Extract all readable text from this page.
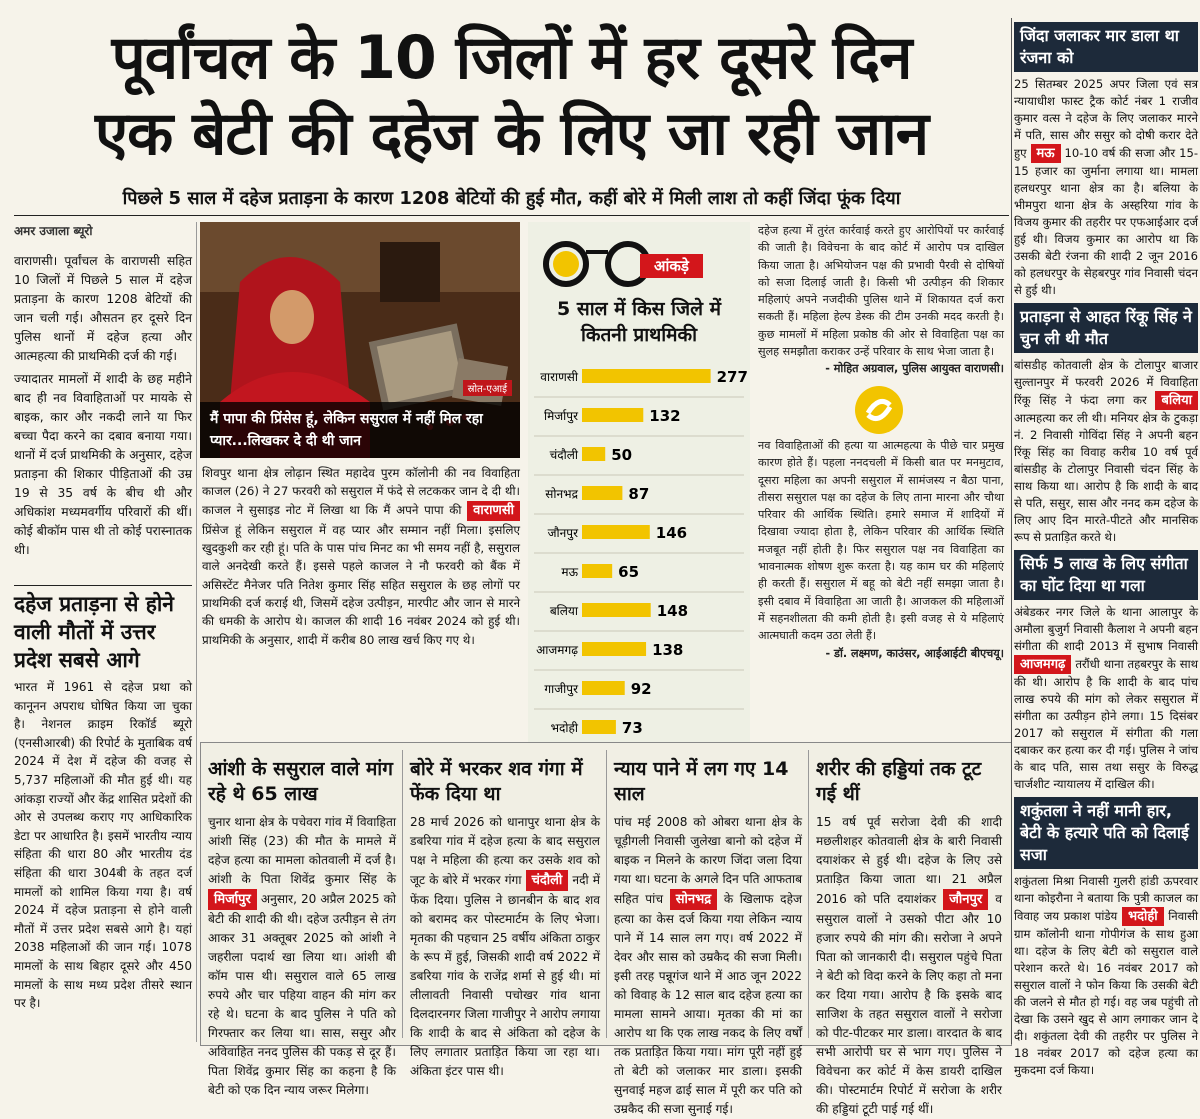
पूर्वांचल के 10 जिलों में हर दूसरे दिन
एक बेटी की दहेज के लिए जा रही जान
पिछले 5 साल में दहेज प्रताड़ना के कारण 1208 बेटियों की हुई मौत, कहीं बोरे में मिली लाश तो कहीं जिंदा फूंक दिया
अमर उजाला ब्यूरो

वाराणसी। पूर्वांचल के वाराणसी सहित 10 जिलों में पिछले 5 साल में दहेज प्रताड़ना के कारण 1208 बेटियों की जान चली गई। औसतन हर दूसरे दिन पुलिस थानों में दहेज हत्या और आत्महत्या की प्राथमिकी दर्ज की गई।

ज्यादातर मामलों में शादी के छह महीने बाद ही नव विवाहिताओं पर मायके से बाइक, कार और नकदी लाने या फिर बच्चा पैदा करने का दबाव बनाया गया। थानों में दर्ज प्राथमिकी के अनुसार, दहेज प्रताड़ना की शिकार पीड़िताओं की उम्र 19 से 35 वर्ष के बीच थी और अधिकांश मध्यमवर्गीय परिवारों की थीं। कोई बीकॉम पास थी तो कोई परास्नातक थी।

दहेज प्रताड़ना से होने वाली मौतों में उत्तर प्रदेश सबसे आगे
भारत में 1961 से दहेज प्रथा को कानूनन अपराध घोषित किया जा चुका है। नेशनल क्राइम रिकॉर्ड ब्यूरो (एनसीआरबी) की रिपोर्ट के मुताबिक वर्ष 2024 में देश में दहेज की वजह से 5,737 महिलाओं की मौत हुई थी। यह आंकड़ा राज्यों और केंद्र शासित प्रदेशों की ओर से उपलब्ध कराए गए आधिकारिक डेटा पर आधारित है। इसमें भारतीय न्याय संहिता की धारा 80 और भारतीय दंड संहिता की धारा 304बी के तहत दर्ज मामलों को शामिल किया गया है। वर्ष 2024 में दहेज प्रताड़ना से होने वाली मौतों में उत्तर प्रदेश सबसे आगे है। यहां 2038 महिलाओं की जान गई। 1078 मामलों के साथ बिहार दूसरे और 450 मामलों के साथ मध्य प्रदेश तीसरे स्थान पर है।
स्रोत-एआई
मैं पापा की प्रिंसेस हूं, लेकिन ससुराल में नहीं मिल रहा प्यार...लिखकर दे दी थी जान
शिवपुर थाना क्षेत्र लोढ़ान स्थित महादेव पुरम कॉलोनी की नव विवाहिता काजल (26) ने 27 फरवरी को ससुराल में फंदे से लटककर जान दे दी थी। काजल ने सुसाइड नोट में लिखा था कि मैं अपने पापा की वाराणसी प्रिंसेज हूं लेकिन ससुराल में वह प्यार और सम्मान नहीं मिला। इसलिए खुदकुशी कर रही हूं। पति के पास पांच मिनट का भी समय नहीं है, ससुराल वाले अनदेखी करते हैं। इससे पहले काजल ने नौ फरवरी को बैंक में असिस्टेंट मैनेजर पति नितेश कुमार सिंह सहित ससुराल के छह लोगों पर प्राथमिकी दर्ज कराई थी, जिसमें दहेज उत्पीड़न, मारपीट और जान से मारने की धमकी के आरोप थे। काजल की शादी 16 नवंबर 2024 को हुई थी। प्राथमिकी के अनुसार, शादी में करीब 80 लाख खर्च किए गए थे।
आंकड़े
5 साल में किस जिले में कितनी प्राथमिकी
वाराणसी	277
मिर्जापुर	132
चंदौली 50
सोनभद्र	87
जौनपुर	146
मऊ	65
बलिया	148
आजमगढ़	138
गाजीपुर	92
भदोही	73
दहेज हत्या में तुरंत कार्रवाई करते हुए आरोपियों पर कार्रवाई की जाती है। विवेचना के बाद कोर्ट में आरोप पत्र दाखिल किया जाता है। अभियोजन पक्ष की प्रभावी पैरवी से दोषियों को सजा दिलाई जाती है। किसी भी उत्पीड़न की शिकार महिलाएं अपने नजदीकी पुलिस थाने में शिकायत दर्ज करा सकती हैं। महिला हेल्प डेस्क की टीम उनकी मदद करती है। कुछ मामलों में महिला प्रकोष्ठ की ओर से विवाहिता पक्ष का सुलह समझौता कराकर उन्हें परिवार के साथ भेजा जाता है।
- मोहित अग्रवाल, पुलिस आयुक्त वाराणसी।
नव विवाहिताओं की हत्या या आत्महत्या के पीछे चार प्रमुख कारण होते हैं। पहला ननदचली में किसी बात पर मनमुटाव, दूसरा महिला का अपनी ससुराल में सामंजस्य न बैठा पाना, तीसरा ससुराल पक्ष का दहेज के लिए ताना मारना और चौथा परिवार की आर्थिक स्थिति। हमारे समाज में शादियों में दिखावा ज्यादा होता है, लेकिन परिवार की आर्थिक स्थिति मजबूत नहीं होती है। फिर ससुराल पक्ष नव विवाहिता का भावनात्मक शोषण शुरू करता है। यह काम घर की महिलाएं ही करती हैं। ससुराल में बहू को बेटी नहीं समझा जाता है। इसी दबाव में विवाहिता आ जाती है। आजकल की महिलाओं में सहनशीलता की कमी होती है। इसी वजह से ये महिलाएं आत्मघाती कदम उठा लेती हैं।
- डॉ. लक्ष्मण, काउंसर, आईआईटी बीएचयू।
आंशी के ससुराल वाले मांग रहे थे 65 लाख
चुनार थाना क्षेत्र के पचेवरा गांव में विवाहिता आंशी सिंह (23) की मौत के मामले में दहेज हत्या का मामला कोतवाली में दर्ज है। आंशी के पिता शिवेंद्र कुमार सिंह के मिर्जापुर अनुसार, 20 अप्रैल 2025 को बेटी की शादी की थी। दहेज उत्पीड़न से तंग आकर 31 अक्तूबर 2025 को आंशी ने जहरीला पदार्थ खा लिया था। आंशी बी कॉम पास थी। ससुराल वाले 65 लाख रुपये और चार पहिया वाहन की मांग कर रहे थे। घटना के बाद पुलिस ने पति को गिरफ्तार कर लिया था। सास, ससुर और अविवाहित ननद पुलिस की पकड़ से दूर हैं। पिता शिवेंद्र कुमार सिंह का कहना है कि बेटी को एक दिन न्याय जरूर मिलेगा।
बोरे में भरकर शव गंगा में फेंक दिया था
28 मार्च 2026 को धानापुर थाना क्षेत्र के डबरिया गांव में दहेज हत्या के बाद ससुराल पक्ष ने महिला की हत्या कर उसके शव को जूट के बोरे में भरकर गंगा चंदौली नदी में फेंक दिया। पुलिस ने छानबीन के बाद शव को बरामद कर पोस्टमार्टम के लिए भेजा। मृतका की पहचान 25 वर्षीय अंकिता ठाकुर के रूप में हुई, जिसकी शादी वर्ष 2022 में डबरिया गांव के राजेंद्र शर्मा से हुई थी। मां लीलावती निवासी पचोखर गांव थाना दिलदारनगर जिला गाजीपुर ने आरोप लगाया कि शादी के बाद से अंकिता को दहेज के लिए लगातार प्रताड़ित किया जा रहा था। अंकिता इंटर पास थी।
न्याय पाने में लग गए 14 साल
पांच मई 2008 को ओबरा थाना क्षेत्र के चूड़ीगली निवासी जुलेखा बानो को दहेज में बाइक न मिलने के कारण जिंदा जला दिया गया था। घटना के अगले दिन पति आफताब सहित पांच सोनभद्र के खिलाफ दहेज हत्या का केस दर्ज किया गया लेकिन न्याय पाने में 14 साल लग गए। वर्ष 2022 में देवर और सास को उम्रकैद की सजा मिली। इसी तरह पन्नूगंज थाने में आठ जून 2022 को विवाह के 12 साल बाद दहेज हत्या का मामला सामने आया। मृतका की मां का आरोप था कि एक लाख नकद के लिए वर्षों तक प्रताड़ित किया गया। मांग पूरी नहीं हुई तो बेटी को जलाकर मार डाला। इसकी सुनवाई महज ढाई साल में पूरी कर पति को उम्रकैद की सजा सुनाई गई।
शरीर की हड्डियां तक टूट गई थीं
15 वर्ष पूर्व सरोजा देवी की शादी मछलीशहर कोतवाली क्षेत्र के बारी निवासी दयाशंकर से हुई थी। दहेज के लिए उसे प्रताड़ित किया जाता था। 21 अप्रैल 2016 को पति दयाशंकर जौनपुर व ससुराल वालों ने उसको पीटा और 10 हजार रुपये की मांग की। सरोजा ने अपने पिता को जानकारी दी। ससुराल पहुंचे पिता ने बेटी को विदा करने के लिए कहा तो मना कर दिया गया। आरोप है कि इसके बाद साजिश के तहत ससुराल वालों ने सरोजा को पीट-पीटकर मार डाला। वारदात के बाद सभी आरोपी घर से भाग गए। पुलिस ने विवेचना कर कोर्ट में केस डायरी दाखिल की। पोस्टमार्टम रिपोर्ट में सरोजा के शरीर की हड्डियां टूटी पाई गई थीं।
जिंदा जलाकर मार डाला था रंजना को
25 सितम्बर 2025 अपर जिला एवं सत्र न्यायाधीश फास्ट ट्रैक कोर्ट नंबर 1 राजीव कुमार वत्स ने दहेज के लिए जलाकर मारने में पति, सास और ससुर को दोषी करार देते हुए मऊ 10-10 वर्ष की सजा और 15-15 हजार का जुर्माना लगाया था। मामला हलधरपुर थाना क्षेत्र का है। बलिया के भीमपुरा थाना क्षेत्र के अस्हरिया गांव के विजय कुमार की तहरीर पर एफआईआर दर्ज हुई थी। विजय कुमार का आरोप था कि उसकी बेटी रंजना की शादी 2 जून 2016 को हलधरपुर के सेहबरपुर गांव निवासी चंदन से हुई थी।
प्रताड़ना से आहत रिंकू सिंह ने चुन ली थी मौत
बांसडीह कोतवाली क्षेत्र के टोलापुर बाजार सुल्तानपुर में फरवरी 2026 में विवाहिता रिंकू सिंह ने फंदा लगा कर बलिया आत्महत्या कर ली थी। मनियर क्षेत्र के टुकड़ा नं. 2 निवासी गोविंदा सिंह ने अपनी बहन रिंकू सिंह का विवाह करीब 10 वर्ष पूर्व बांसडीह के टोलापुर निवासी चंदन सिंह के साथ किया था। आरोप है कि शादी के बाद से पति, ससुर, सास और ननद कम दहेज के लिए आए दिन मारते-पीटते और मानसिक रूप से प्रताड़ित करते थे।
सिर्फ 5 लाख के लिए संगीता का घोंट दिया था गला
अंबेडकर नगर जिले के थाना आलापुर के अमौला बुजुर्ग निवासी कैलाश ने अपनी बहन संगीता की शादी 2013 में सुभाष निवासी आजमगढ़ तरौंधी थाना तहबरपुर के साथ की थी। आरोप है कि शादी के बाद पांच लाख रुपये की मांग को लेकर ससुराल में संगीता का उत्पीड़न होने लगा। 15 दिसंबर 2017 को ससुराल में संगीता की गला दबाकर कर हत्या कर दी गई। पुलिस ने जांच के बाद पति, सास तथा ससुर के विरुद्ध चार्जशीट न्यायालय में दाखिल की।
शकुंतला ने नहीं मानी हार, बेटी के हत्यारे पति को दिलाई सजा
शकुंतला मिश्रा निवासी गुलरी हांडी ऊपरवार थाना कोइरौना ने बताया कि पुत्री काजल का विवाह जय प्रकाश पांडेय भदोही निवासी ग्राम कॉलोनी थाना गोपीगंज के साथ हुआ था। दहेज के लिए बेटी को ससुराल वाले परेशान करते थे। 16 नवंबर 2017 को ससुराल वालों ने फोन किया कि उसकी बेटी की जलने से मौत हो गई। वह जब पहुंची तो देखा कि उसने खुद से आग लगाकर जान दे दी। शकुंतला देवी की तहरीर पर पुलिस ने 18 नवंबर 2017 को दहेज हत्या का मुकदमा दर्ज किया।
